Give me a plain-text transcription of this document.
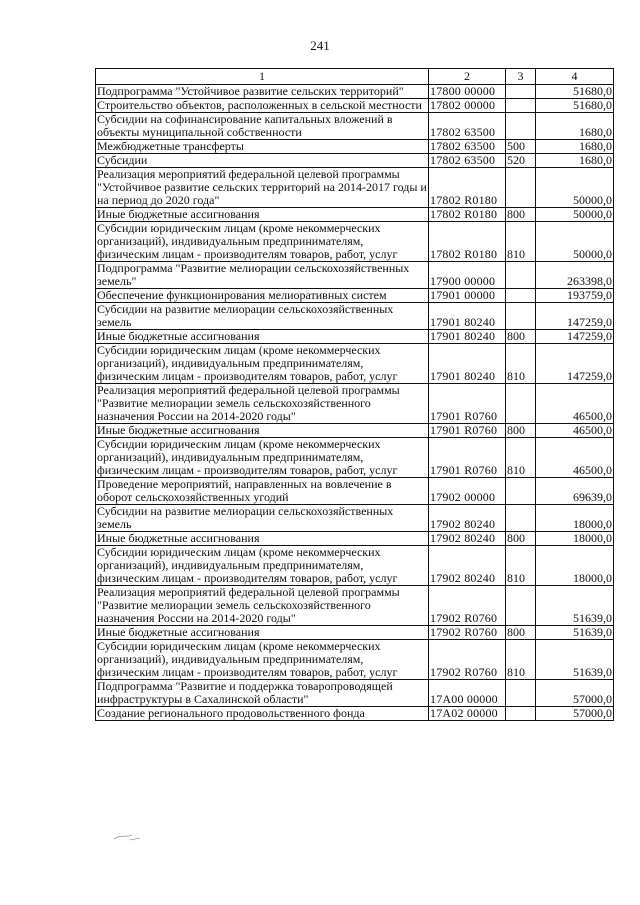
241
1	2	3	4
Подпрограмма "Устойчивое развитие сельских территорий"	17800 00000		51680,0
Строительство объектов, расположенных в сельской местности	17802 00000		51680,0
Субсидии на софинансирование капитальных вложений в объекты муниципальной собственности	17802 63500		1680,0
Межбюджетные трансферты	17802 63500	500	1680,0
Субсидии	17802 63500	520	1680,0
Реализация мероприятий федеральной целевой программы "Устойчивое развитие сельских территорий на 2014-2017 годы и на период до 2020 года"	17802 R0180		50000,0
Иные бюджетные ассигнования	17802 R0180	800	50000,0
Субсидии юридическим лицам (кроме некоммерческих организаций), индивидуальным предпринимателям, физическим лицам - производителям товаров, работ, услуг	17802 R0180	810	50000,0
Подпрограмма "Развитие мелиорации сельскохозяйственных земель"	17900 00000		263398,0
Обеспечение функционирования мелиоративных систем	17901 00000		193759,0
Субсидии на развитие мелиорации сельскохозяйственных земель	17901 80240		147259,0
Иные бюджетные ассигнования	17901 80240	800	147259,0
Субсидии юридическим лицам (кроме некоммерческих организаций), индивидуальным предпринимателям, физическим лицам - производителям товаров, работ, услуг	17901 80240	810	147259,0
Реализация мероприятий федеральной целевой программы "Развитие мелиорации земель сельскохозяйственного назначения России на 2014-2020 годы"	17901 R0760		46500,0
Иные бюджетные ассигнования	17901 R0760	800	46500,0
Субсидии юридическим лицам (кроме некоммерческих организаций), индивидуальным предпринимателям, физическим лицам - производителям товаров, работ, услуг	17901 R0760	810	46500,0
Проведение мероприятий, направленных на вовлечение в оборот сельскохозяйственных угодий	17902 00000		69639,0
Субсидии на развитие мелиорации сельскохозяйственных земель	17902 80240		18000,0
Иные бюджетные ассигнования	17902 80240	800	18000,0
Субсидии юридическим лицам (кроме некоммерческих организаций), индивидуальным предпринимателям, физическим лицам - производителям товаров, работ, услуг	17902 80240	810	18000,0
Реализация мероприятий федеральной целевой программы "Развитие мелиорации земель сельскохозяйственного назначения России на 2014-2020 годы"	17902 R0760		51639,0
Иные бюджетные ассигнования	17902 R0760	800	51639,0
Субсидии юридическим лицам (кроме некоммерческих организаций), индивидуальным предпринимателям, физическим лицам - производителям товаров, работ, услуг	17902 R0760	810	51639,0
Подпрограмма "Развитие и поддержка товаропроводящей инфраструктуры в Сахалинской области"	17А00 00000		57000,0
Создание регионального продовольственного фонда	17А02 00000		57000,0
